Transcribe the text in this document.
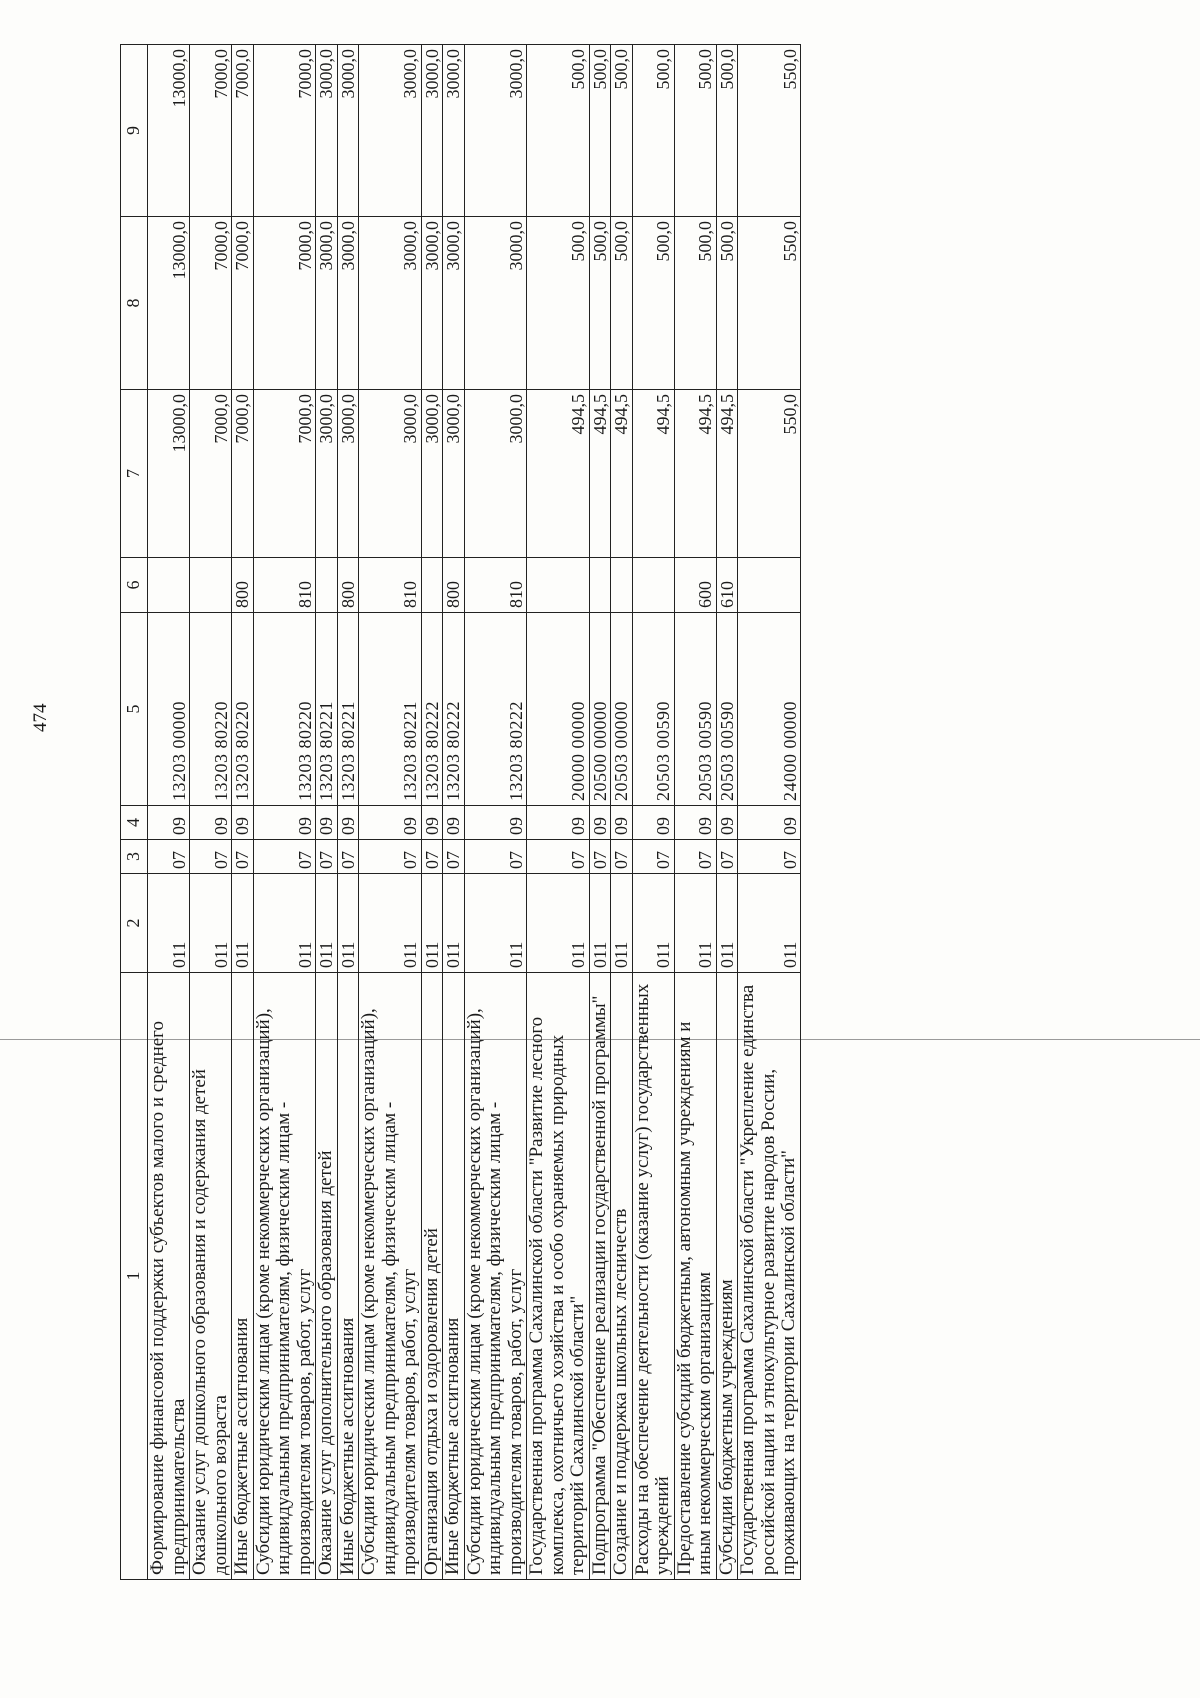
474
1	2	3	4	5	6	7	8	9
Формирование финансовой поддержки субъектов малого и среднего предпринимательства	011	07	09	13203 00000		13000,0	13000,0	13000,0
Оказание услуг дошкольного образования и содержания детей дошкольного возраста	011	07	09	13203 80220		7000,0	7000,0	7000,0
Иные бюджетные ассигнования	011	07	09	13203 80220	800	7000,0	7000,0	7000,0
Субсидии юридическим лицам (кроме некоммерческих организаций), индивидуальным предпринимателям, физическим лицам - производителям товаров, работ, услуг	011	07	09	13203 80220	810	7000,0	7000,0	7000,0
Оказание услуг дополнительного образования детей	011	07	09	13203 80221		3000,0	3000,0	3000,0
Иные бюджетные ассигнования	011	07	09	13203 80221	800	3000,0	3000,0	3000,0
Субсидии юридическим лицам (кроме некоммерческих организаций), индивидуальным предпринимателям, физическим лицам - производителям товаров, работ, услуг	011	07	09	13203 80221	810	3000,0	3000,0	3000,0
Организация отдыха и оздоровления детей	011	07	09	13203 80222		3000,0	3000,0	3000,0
Иные бюджетные ассигнования	011	07	09	13203 80222	800	3000,0	3000,0	3000,0
Субсидии юридическим лицам (кроме некоммерческих организаций), индивидуальным предпринимателям, физическим лицам - производителям товаров, работ, услуг	011	07	09	13203 80222	810	3000,0	3000,0	3000,0
Государственная программа Сахалинской области "Развитие лесного комплекса, охотничьего хозяйства и особо охраняемых природных территорий Сахалинской области"	011	07	09	20000 00000		494,5	500,0	500,0
Подпрограмма "Обеспечение реализации государственной программы"	011	07	09	20500 00000		494,5	500,0	500,0
Создание и поддержка школьных лесничеств	011	07	09	20503 00000		494,5	500,0	500,0
Расходы на обеспечение деятельности (оказание услуг) государственных учреждений	011	07	09	20503 00590		494,5	500,0	500,0
Предоставление субсидий бюджетным, автономным учреждениям и иным некоммерческим организациям	011	07	09	20503 00590	600	494,5	500,0	500,0
Субсидии бюджетным учреждениям	011	07	09	20503 00590	610	494,5	500,0	500,0
Государственная программа Сахалинской области "Укрепление единства российской нации и этнокультурное развитие народов России, проживающих на территории Сахалинской области"	011	07	09	24000 00000		550,0	550,0	550,0
